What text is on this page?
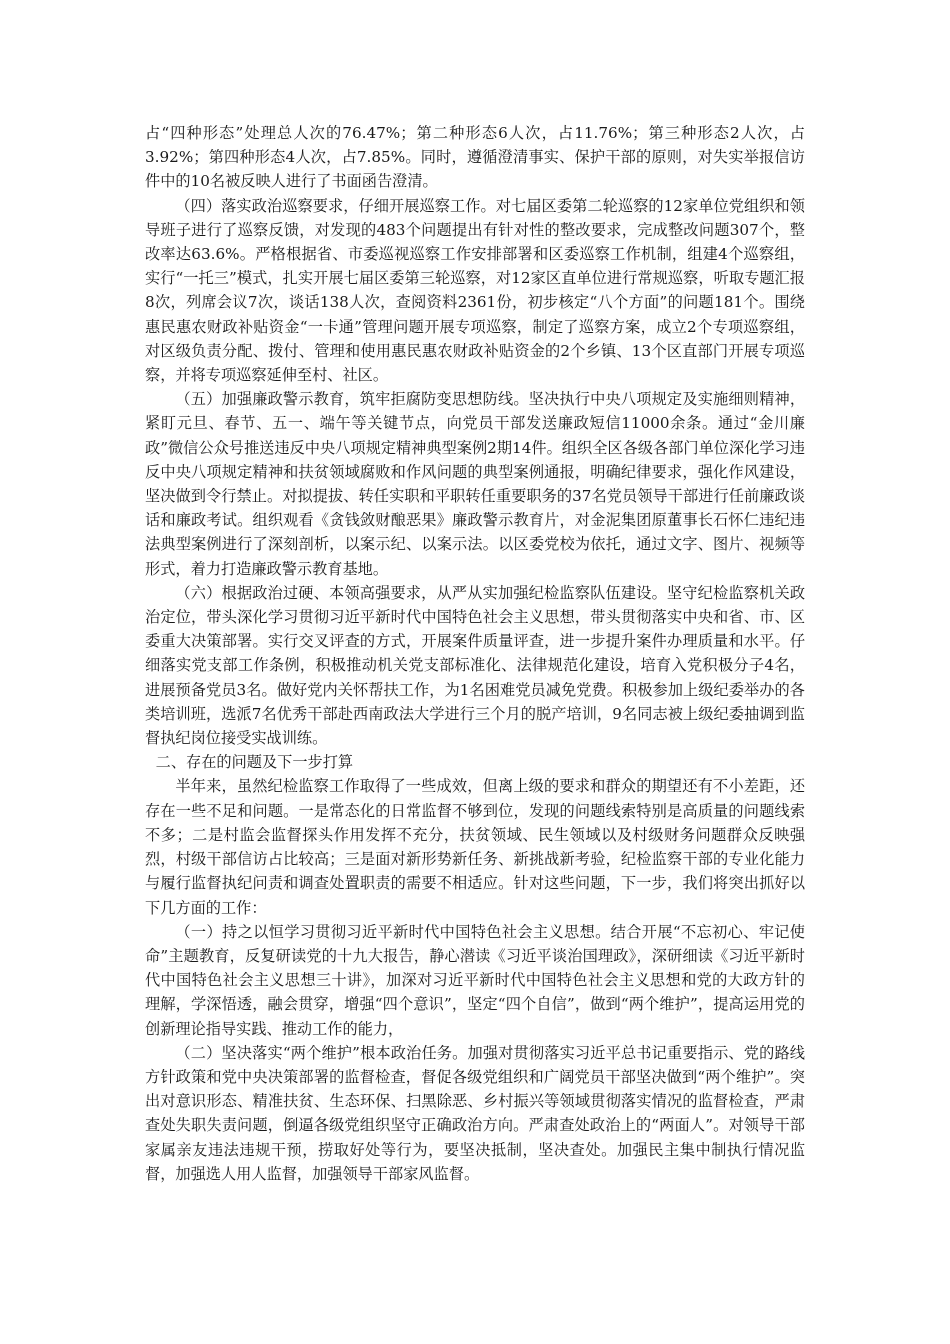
占“四种形态”处理总人次的76.47%；第二种形态6人次，占11.76%；第三种形态2人次，占3.92%；第四种形态4人次，占7.85%。同时，遵循澄清事实、保护干部的原则，对失实举报信访件中的10名被反映人进行了书面函告澄清。

（四）落实政治巡察要求，仔细开展巡察工作。对七届区委第二轮巡察的12家单位党组织和领导班子进行了巡察反馈，对发现的483个问题提出有针对性的整改要求，完成整改问题307个，整改率达63.6%。严格根据省、市委巡视巡察工作安排部署和区委巡察工作机制，组建4个巡察组，实行“一托三”模式，扎实开展七届区委第三轮巡察，对12家区直单位进行常规巡察，听取专题汇报8次，列席会议7次，谈话138人次，查阅资料2361份，初步核定“八个方面”的问题181个。围绕惠民惠农财政补贴资金“一卡通”管理问题开展专项巡察，制定了巡察方案，成立2个专项巡察组，对区级负责分配、拨付、管理和使用惠民惠农财政补贴资金的2个乡镇、13个区直部门开展专项巡察，并将专项巡察延伸至村、社区。

（五）加强廉政警示教育，筑牢拒腐防变思想防线。坚决执行中央八项规定及实施细则精神，紧盯元旦、春节、五一、端午等关键节点，向党员干部发送廉政短信11000余条。通过“金川廉政”微信公众号推送违反中央八项规定精神典型案例2期14件。组织全区各级各部门单位深化学习违反中央八项规定精神和扶贫领域腐败和作风问题的典型案例通报，明确纪律要求，强化作风建设，坚决做到令行禁止。对拟提拔、转任实职和平职转任重要职务的37名党员领导干部进行任前廉政谈话和廉政考试。组织观看《贪钱敛财酿恶果》廉政警示教育片，对金泥集团原董事长石怀仁违纪违法典型案例进行了深刻剖析，以案示纪、以案示法。以区委党校为依托，通过文字、图片、视频等形式，着力打造廉政警示教育基地。

（六）根据政治过硬、本领高强要求，从严从实加强纪检监察队伍建设。坚守纪检监察机关政治定位，带头深化学习贯彻习近平新时代中国特色社会主义思想，带头贯彻落实中央和省、市、区委重大决策部署。实行交叉评查的方式，开展案件质量评查，进一步提升案件办理质量和水平。仔细落实党支部工作条例，积极推动机关党支部标准化、法律规范化建设，培育入党积极分子4名，进展预备党员3名。做好党内关怀帮扶工作，为1名困难党员减免党费。积极参加上级纪委举办的各类培训班，选派7名优秀干部赴西南政法大学进行三个月的脱产培训，9名同志被上级纪委抽调到监督执纪岗位接受实战训练。

二、存在的问题及下一步打算

半年来，虽然纪检监察工作取得了一些成效，但离上级的要求和群众的期望还有不小差距，还存在一些不足和问题。一是常态化的日常监督不够到位，发现的问题线索特别是高质量的问题线索不多；二是村监会监督探头作用发挥不充分，扶贫领域、民生领域以及村级财务问题群众反映强烈，村级干部信访占比较高；三是面对新形势新任务、新挑战新考验，纪检监察干部的专业化能力与履行监督执纪问责和调查处置职责的需要不相适应。针对这些问题，下一步，我们将突出抓好以下几方面的工作：

（一）持之以恒学习贯彻习近平新时代中国特色社会主义思想。结合开展“不忘初心、牢记使命”主题教育，反复研读党的十九大报告，静心潜读《习近平谈治国理政》，深研细读《习近平新时代中国特色社会主义思想三十讲》，加深对习近平新时代中国特色社会主义思想和党的大政方针的理解，学深悟透，融会贯穿，增强“四个意识”，坚定“四个自信”，做到“两个维护”，提高运用党的创新理论指导实践、推动工作的能力，

（二）坚决落实“两个维护”根本政治任务。加强对贯彻落实习近平总书记重要指示、党的路线方针政策和党中央决策部署的监督检查，督促各级党组织和广阔党员干部坚决做到“两个维护”。突出对意识形态、精准扶贫、生态环保、扫黑除恶、乡村振兴等领域贯彻落实情况的监督检查，严肃查处失职失责问题，倒逼各级党组织坚守正确政治方向。严肃查处政治上的“两面人”。对领导干部家属亲友违法违规干预，捞取好处等行为，要坚决抵制，坚决查处。加强民主集中制执行情况监督，加强选人用人监督，加强领导干部家风监督。
